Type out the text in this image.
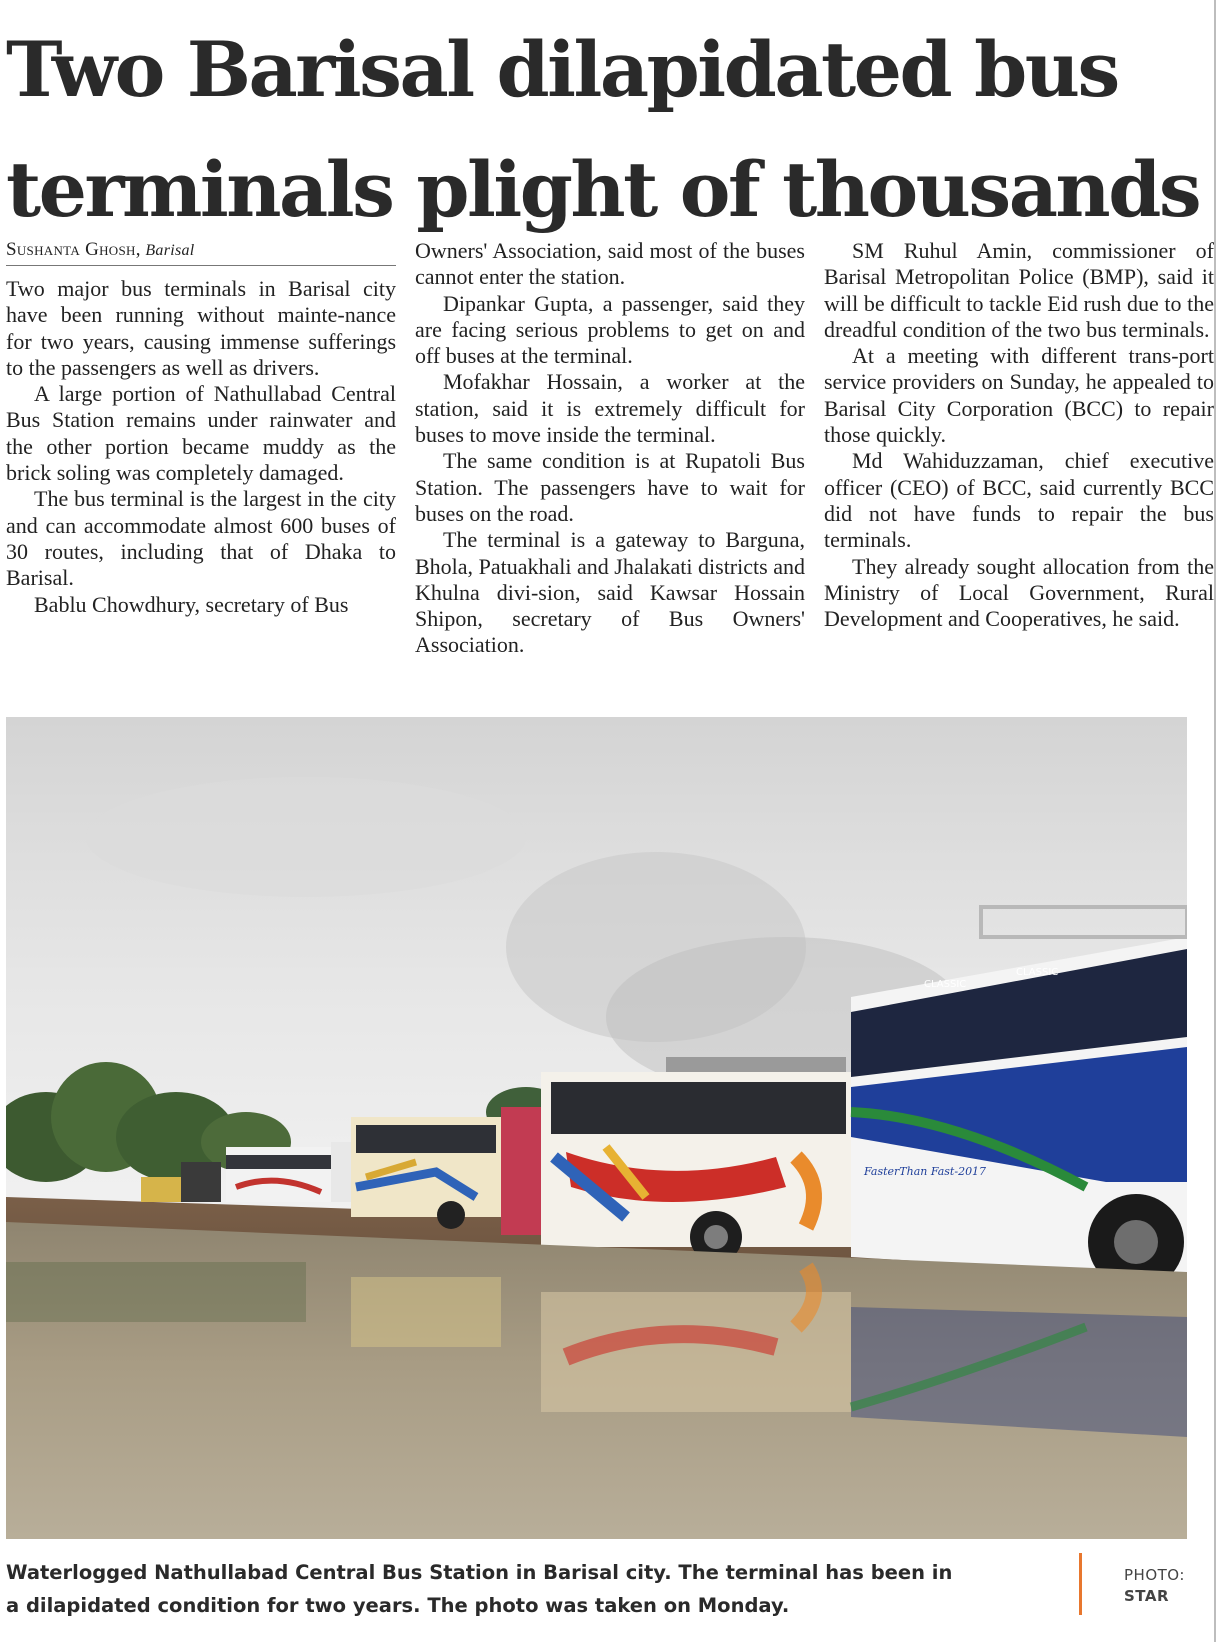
Two Barisal dilapidated bus terminals plight of thousands
Sushanta Ghosh, Barisal

Two major bus terminals in Barisal city have been running without mainte-nance for two years, causing immense sufferings to the passengers as well as drivers.

A large portion of Nathullabad Central Bus Station remains under rainwater and the other portion became muddy as the brick soling was completely damaged.

The bus terminal is the largest in the city and can accommodate almost 600 buses of 30 routes, including that of Dhaka to Barisal.

Bablu Chowdhury, secretary of Bus

Owners' Association, said most of the buses cannot enter the station.

Dipankar Gupta, a passenger, said they are facing serious problems to get on and off buses at the terminal.

Mofakhar Hossain, a worker at the station, said it is extremely difficult for buses to move inside the terminal.

The same condition is at Rupatoli Bus Station. The passengers have to wait for buses on the road.

The terminal is a gateway to Barguna, Bhola, Patuakhali and Jhalakati districts and Khulna divi-sion, said Kawsar Hossain Shipon, secretary of Bus Owners' Association.

SM Ruhul Amin, commissioner of Barisal Metropolitan Police (BMP), said it will be difficult to tackle Eid rush due to the dreadful condition of the two bus terminals.

At a meeting with different trans-port service providers on Sunday, he appealed to Barisal City Corporation (BCC) to repair those quickly.

Md Wahiduzzaman, chief executive officer (CEO) of BCC, said currently BCC did not have funds to repair the bus terminals.

They already sought allocation from the Ministry of Local Government, Rural Development and Cooperatives, he said.

CLASSIC
CLASSIC
FasterThan Fast-2017

Waterlogged Nathullabad Central Bus Station in Barisal city. The terminal has been in a dilapidated condition for two years. The photo was taken on Monday.

PHOTO:
STAR
